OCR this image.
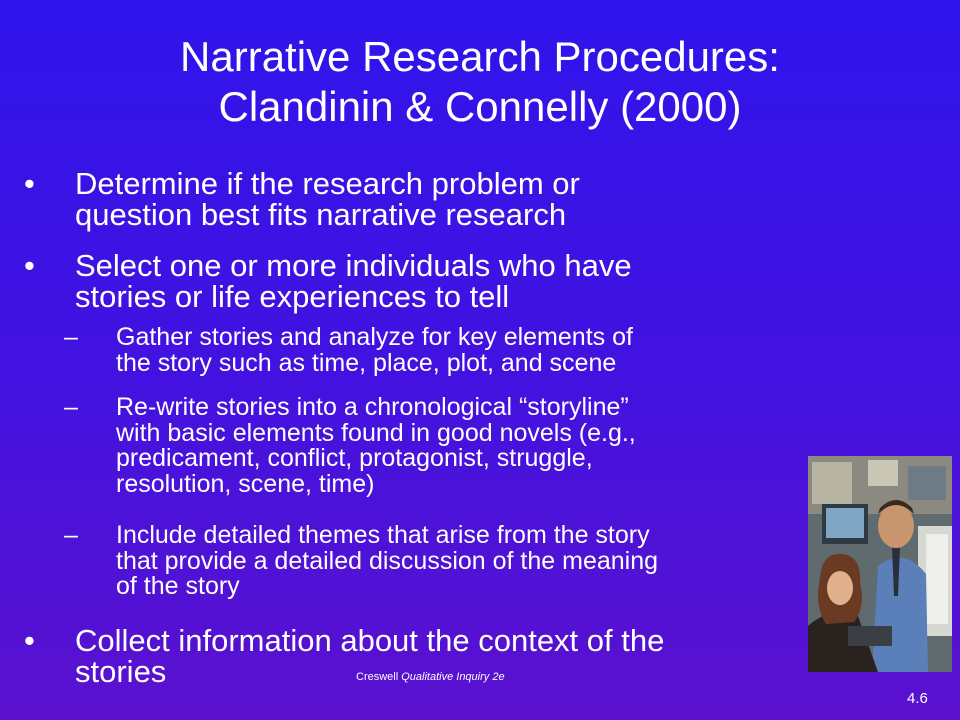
Narrative Research Procedures:
Clandinin & Connelly (2000)
• Determine if the research problem or
question best fits narrative research
• Select one or more individuals who have
stories or life experiences to tell
– Gather stories and analyze for key elements of
the story such as time, place, plot, and scene
– Re-write stories into a chronological “storyline”
with basic elements found in good novels (e.g.,
predicament, conflict, protagonist, struggle,
resolution, scene, time)
– Include detailed themes that arise from the story
that provide a detailed discussion of the meaning
of the story
• Collect information about the context of the
stories	Creswell Qualitative Inquiry 2e
4.6
